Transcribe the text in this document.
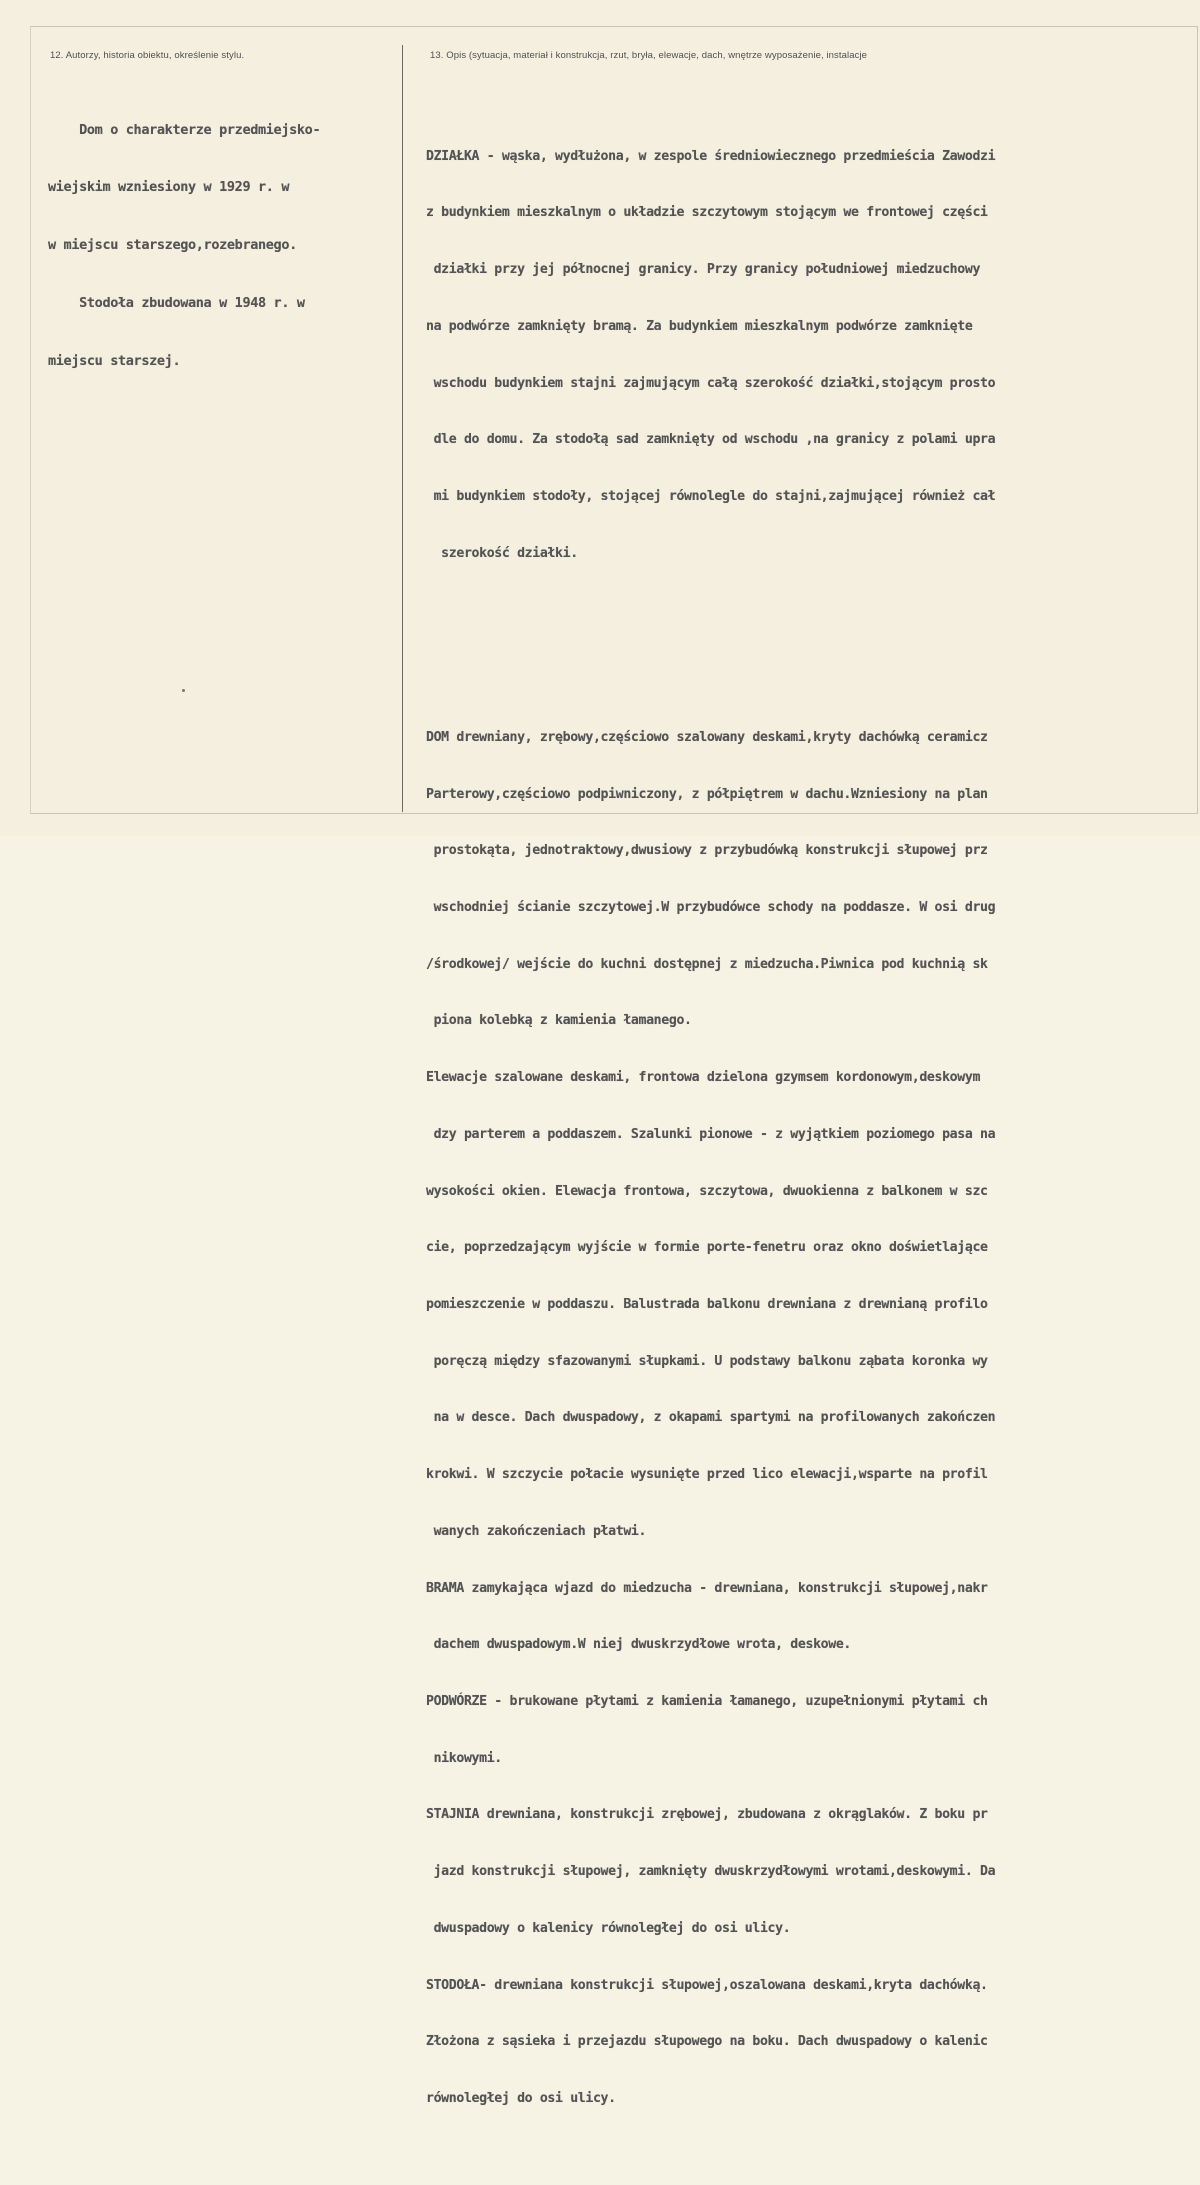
12. Autorzy, historia obiektu, określenie stylu.	13. Opis (sytuacja, materiał i konstrukcja, rzut, bryła, elewacje, dach, wnętrze wyposażenie, instalacje

Dom o charakterze przedmiejsko-

wiejskim wzniesiony w 1929 r. w

w miejscu starszego,rozebranego.

Stodoła zbudowana w 1948 r. w

miejscu starszej.

DZIAŁKA - wąska, wydłużona, w zespole średniowiecznego przedmieścia Zawodzi

z budynkiem mieszkalnym o układzie szczytowym stojącym we frontowej części

działki przy jej północnej granicy. Przy granicy południowej miedzuchowy

na podwórze zamknięty bramą. Za budynkiem mieszkalnym podwórze zamknięte

wschodu budynkiem stajni zajmującym całą szerokość działki,stojącym prosto

dle do domu. Za stodołą sad zamknięty od wschodu ,na granicy z polami upra

mi budynkiem stodoły, stojącej równolegle do stajni,zajmującej również cał

szerokość działki.

DOM drewniany, zrębowy,częściowo szalowany deskami,kryty dachówką ceramicz

Parterowy,częściowo podpiwniczony, z półpiętrem w dachu.Wzniesiony na plan

prostokąta, jednotraktowy,dwusiowy z przybudówką konstrukcji słupowej prz

wschodniej ścianie szczytowej.W przybudówce schody na poddasze. W osi drug

/środkowej/ wejście do kuchni dostępnej z miedzucha.Piwnica pod kuchnią sk

piona kolebką z kamienia łamanego.

Elewacje szalowane deskami, frontowa dzielona gzymsem kordonowym,deskowym

dzy parterem a poddaszem. Szalunki pionowe - z wyjątkiem poziomego pasa na

wysokości okien. Elewacja frontowa, szczytowa, dwuokienna z balkonem w szc

cie, poprzedzającym wyjście w formie porte-fenetru oraz okno doświetlające

pomieszczenie w poddaszu. Balustrada balkonu drewniana z drewnianą profilo

poręczą między sfazowanymi słupkami. U podstawy balkonu ząbata koronka wy

na w desce. Dach dwuspadowy, z okapami spartymi na profilowanych zakończen

krokwi. W szczycie połacie wysunięte przed lico elewacji,wsparte na profil

wanych zakończeniach płatwi.

BRAMA zamykająca wjazd do miedzucha - drewniana, konstrukcji słupowej,nakr

dachem dwuspadowym.W niej dwuskrzydłowe wrota, deskowe.

PODWÓRZE - brukowane płytami z kamienia łamanego, uzupełnionymi płytami ch

nikowymi.

STAJNIA drewniana, konstrukcji zrębowej, zbudowana z okrąglaków. Z boku pr

jazd konstrukcji słupowej, zamknięty dwuskrzydłowymi wrotami,deskowymi. Da

dwuspadowy o kalenicy równoległej do osi ulicy.

STODOŁA- drewniana konstrukcji słupowej,oszalowana deskami,kryta dachówką.

Złożona z sąsieka i przejazdu słupowego na boku. Dach dwuspadowy o kalenic

równoległej do osi ulicy.
